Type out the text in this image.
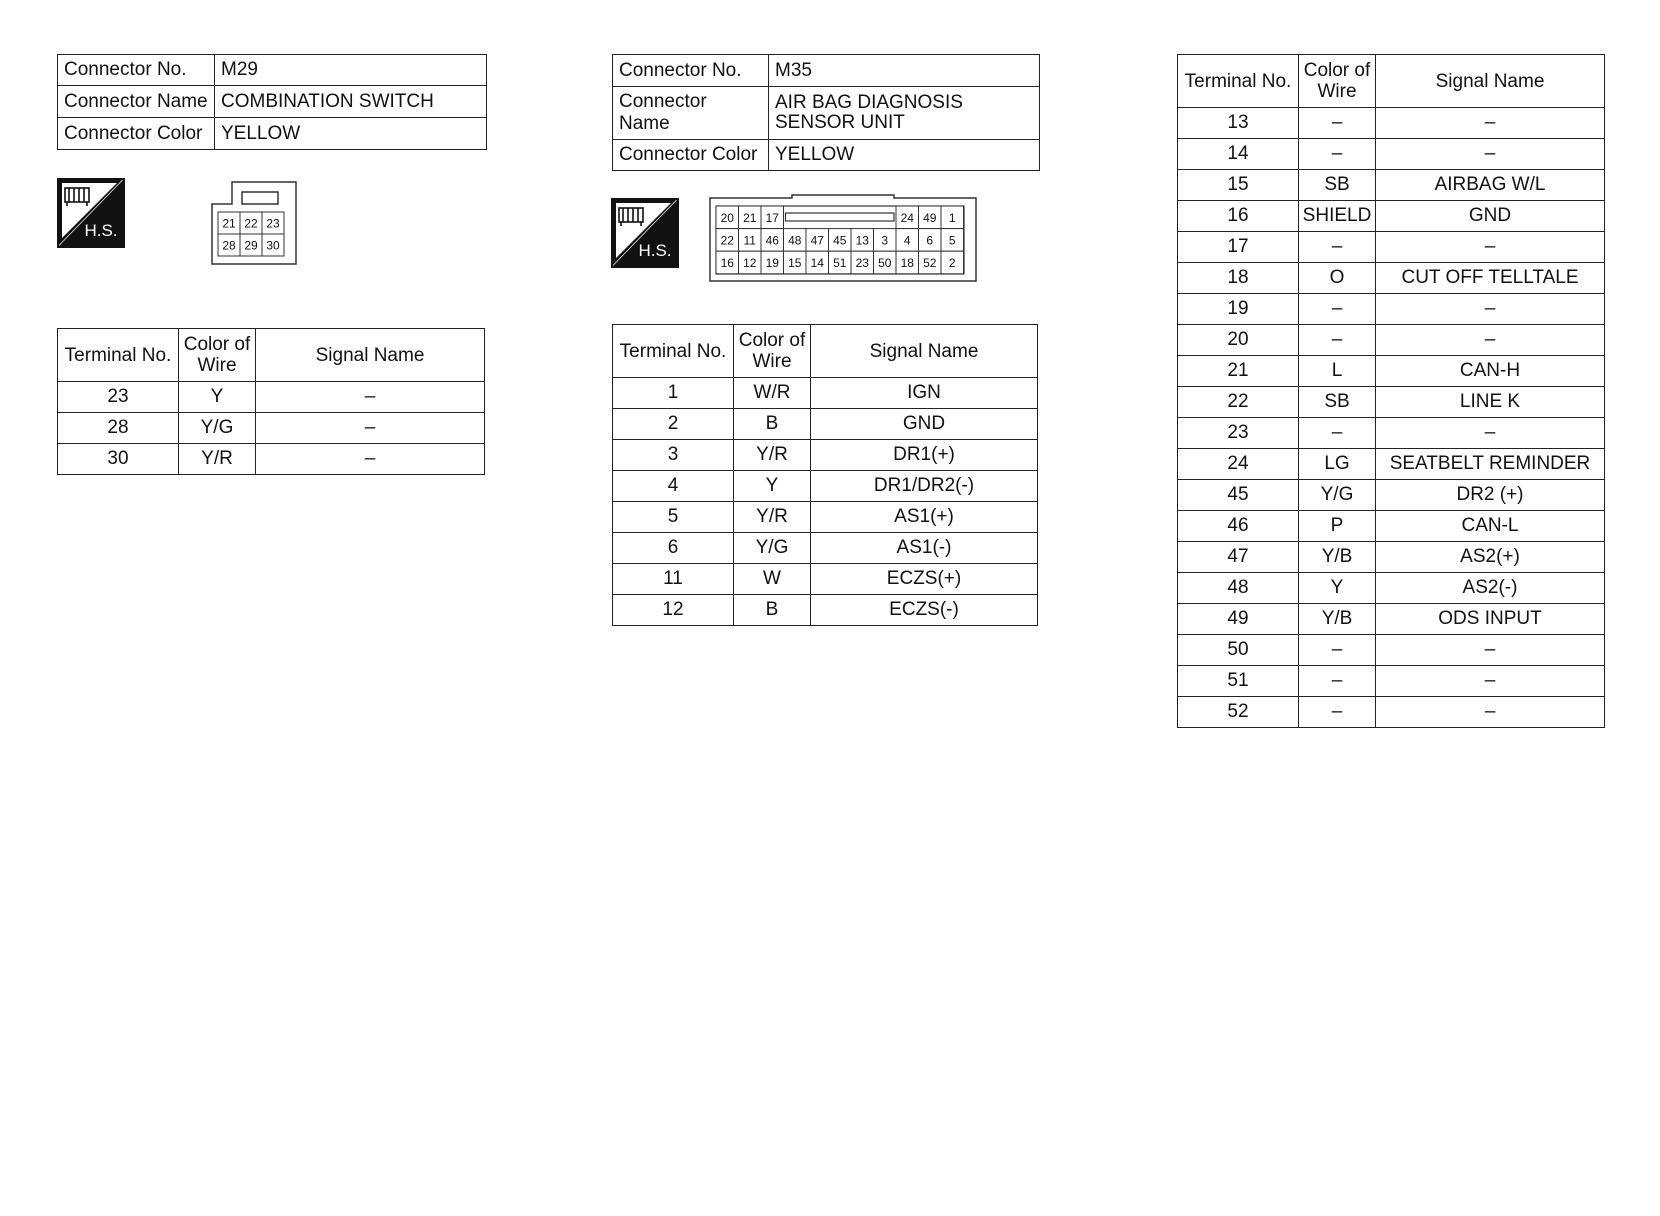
Connector No.	M29
Connector Name	COMBINATION SWITCH
Connector Color	YELLOW
H.S.	21 22 23
28 29 30
Terminal No.	Color of
Wire	Signal Name
23	Y	–
28	Y/G	–
30	Y/R	–
Connector No.	M35
Connector Name	AIR BAG DIAGNOSIS
SENSOR UNIT
Connector Color	YELLOW
H.S.
20 21 17	24 49 1
22 11 46 48 47 45 13 3 4 6 5
16 12 19 15 14 51 23 50 18 52 2
Terminal No.	Color of
Wire	Signal Name
1	W/R	IGN
2	B	GND
3	Y/R	DR1(+)
4	Y	DR1/DR2(-)
5	Y/R	AS1(+)
6	Y/G	AS1(-)
11	W	ECZS(+)
12	B	ECZS(-)
Terminal No.	Color of
Wire	Signal Name
13	–	–
14	–	–
15	SB	AIRBAG W/L
16	SHIELD	GND
17	–	–
18	O	CUT OFF TELLTALE
19	–	–
20	–	–
21	L	CAN-H
22	SB	LINE K
23	–	–
24	LG	SEATBELT REMINDER
45	Y/G	DR2 (+)
46	P	CAN-L
47	Y/B	AS2(+)
48	Y	AS2(-)
49	Y/B	ODS INPUT
50	–	–
51	–	–
52	–	–
